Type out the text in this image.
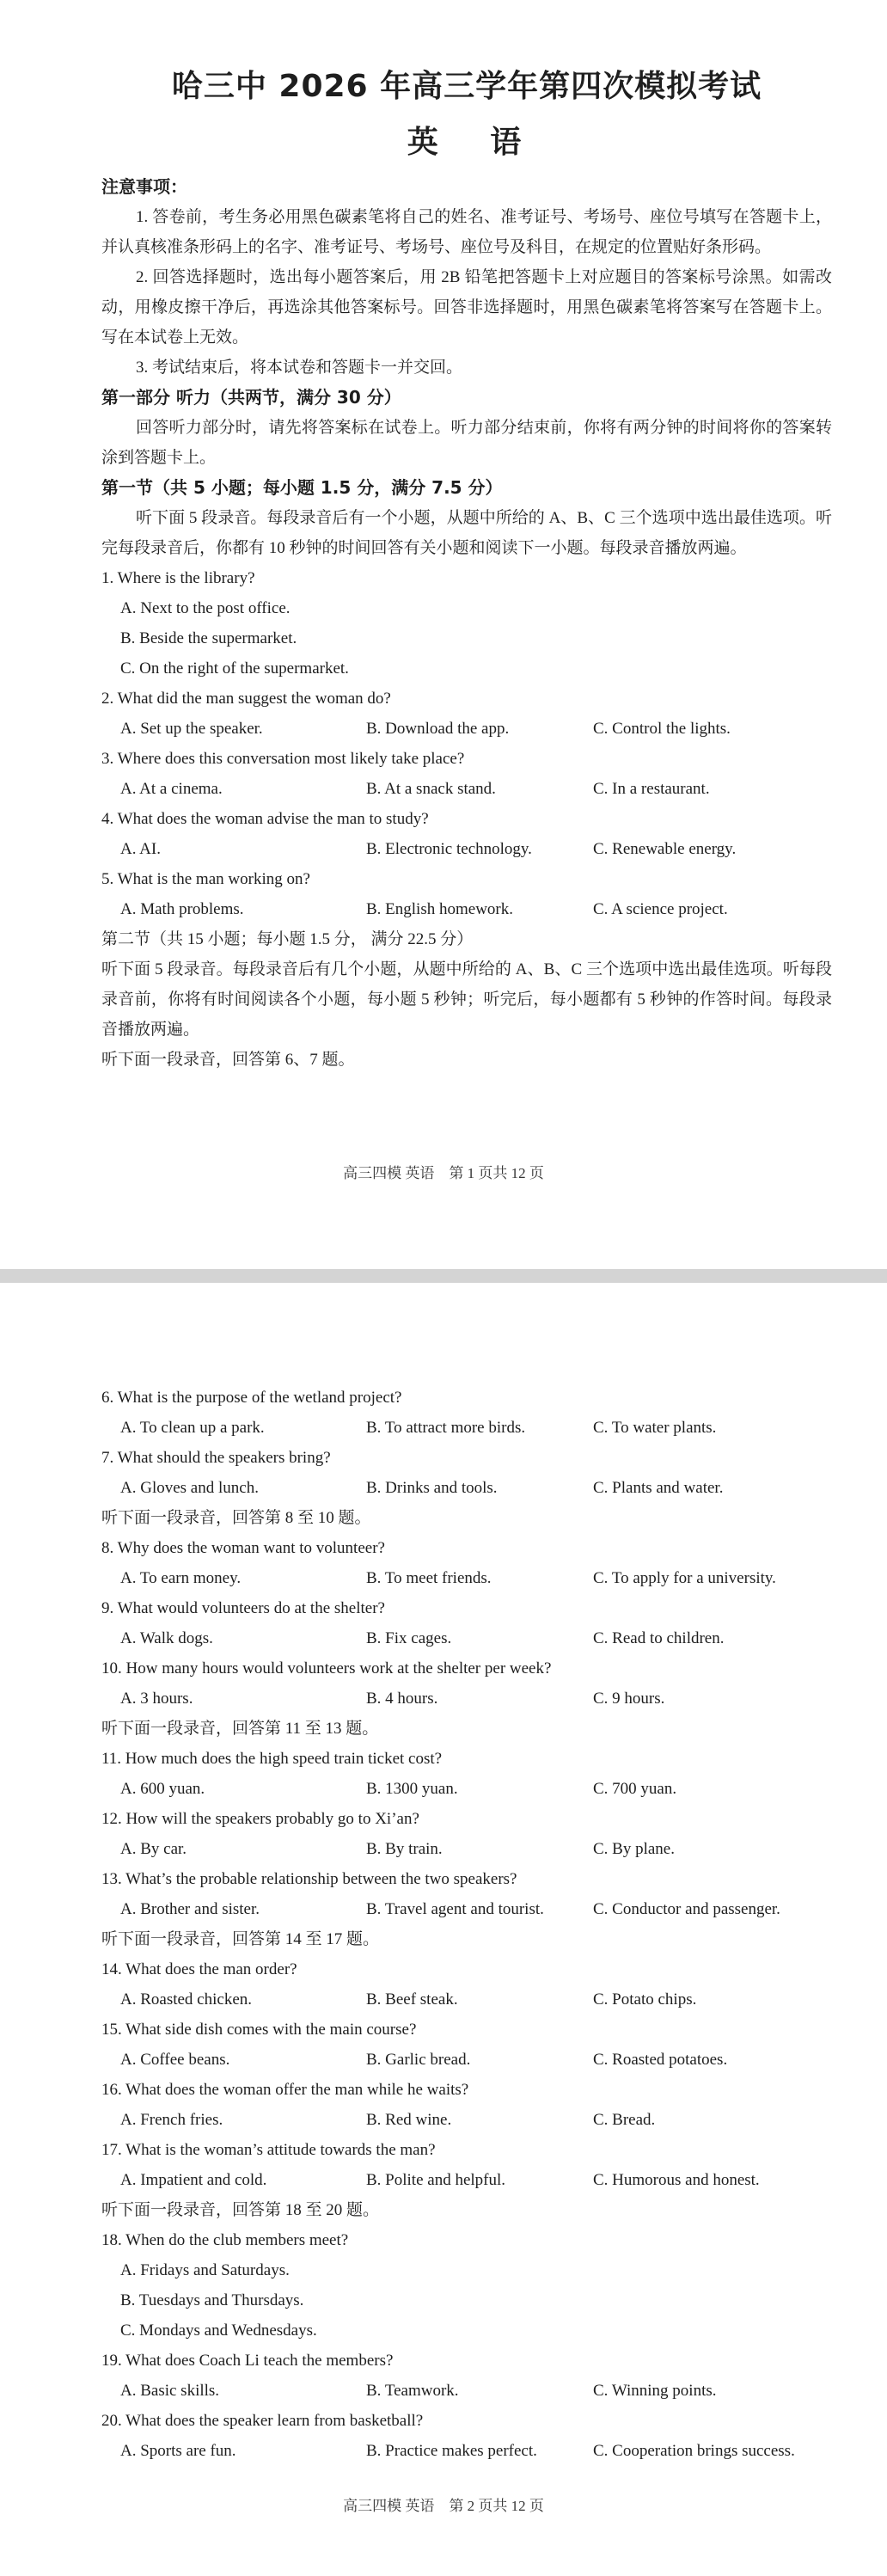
哈三中 2026 年高三学年第四次模拟考试
英 语
注意事项：
1. 答卷前，考生务必用黑色碳素笔将自己的姓名、准考证号、考场号、座位号填写在答题卡上，并认真核准条形码上的名字、准考证号、考场号、座位号及科目，在规定的位置贴好条形码。
2. 回答选择题时，选出每小题答案后，用 2B 铅笔把答题卡上对应题目的答案标号涂黑。如需改动，用橡皮擦干净后，再选涂其他答案标号。回答非选择题时，用黑色碳素笔将答案写在答题卡上。写在本试卷上无效。
3. 考试结束后，将本试卷和答题卡一并交回。
第一部分 听力（共两节，满分 30 分）
回答听力部分时，请先将答案标在试卷上。听力部分结束前，你将有两分钟的时间将你的答案转涂到答题卡上。
第一节（共 5 小题；每小题 1.5 分，满分 7.5 分）
听下面 5 段录音。每段录音后有一个小题，从题中所给的 A、B、C 三个选项中选出最佳选项。听完每段录音后，你都有 10 秒钟的时间回答有关小题和阅读下一小题。每段录音播放两遍。
1. Where is the library?
A. Next to the post office.
B. Beside the supermarket.
C. On the right of the supermarket.
2. What did the man suggest the woman do?
A. Set up the speaker.	B. Download the app.	C. Control the lights.
3. Where does this conversation most likely take place?
A. At a cinema.	B. At a snack stand.	C. In a restaurant.
4. What does the woman advise the man to study?
A. AI.	B. Electronic technology.	C. Renewable energy.
5. What is the man working on?
A. Math problems.	B. English homework.	C. A science project.
第二节（共 15 小题；每小题 1.5 分， 满分 22.5 分）
听下面 5 段录音。每段录音后有几个小题，从题中所给的 A、B、C 三个选项中选出最佳选项。听每段录音前，你将有时间阅读各个小题，每小题 5 秒钟；听完后，每小题都有 5 秒钟的作答时间。每段录音播放两遍。
听下面一段录音，回答第 6、7 题。
高三四模 英语　第 1 页共 12 页
6. What is the purpose of the wetland project?
A. To clean up a park.	B. To attract more birds.	C. To water plants.
7. What should the speakers bring?
A. Gloves and lunch.	B. Drinks and tools.	C. Plants and water.
听下面一段录音，回答第 8 至 10 题。
8. Why does the woman want to volunteer?
A. To earn money.	B. To meet friends.	C. To apply for a university.
9. What would volunteers do at the shelter?
A. Walk dogs.	B. Fix cages.	C. Read to children.
10. How many hours would volunteers work at the shelter per week?
A. 3 hours.	B. 4 hours.	C. 9 hours.
听下面一段录音，回答第 11 至 13 题。
11. How much does the high speed train ticket cost?
A. 600 yuan.	B. 1300 yuan.	C. 700 yuan.
12. How will the speakers probably go to Xi’an?
A. By car.	B. By train.	C. By plane.
13. What’s the probable relationship between the two speakers?
A. Brother and sister.	B. Travel agent and tourist.	C. Conductor and passenger.
听下面一段录音，回答第 14 至 17 题。
14. What does the man order?
A. Roasted chicken.	B. Beef steak.	C. Potato chips.
15. What side dish comes with the main course?
A. Coffee beans.	B. Garlic bread.	C. Roasted potatoes.
16. What does the woman offer the man while he waits?
A. French fries.	B. Red wine.	C. Bread.
17. What is the woman’s attitude towards the man?
A. Impatient and cold.	B. Polite and helpful.	C. Humorous and honest.
听下面一段录音，回答第 18 至 20 题。
18. When do the club members meet?
A. Fridays and Saturdays.
B. Tuesdays and Thursdays.
C. Mondays and Wednesdays.
19. What does Coach Li teach the members?
A. Basic skills.	B. Teamwork.	C. Winning points.
20. What does the speaker learn from basketball?
A. Sports are fun.	B. Practice makes perfect.	C. Cooperation brings success.
高三四模 英语　第 2 页共 12 页
